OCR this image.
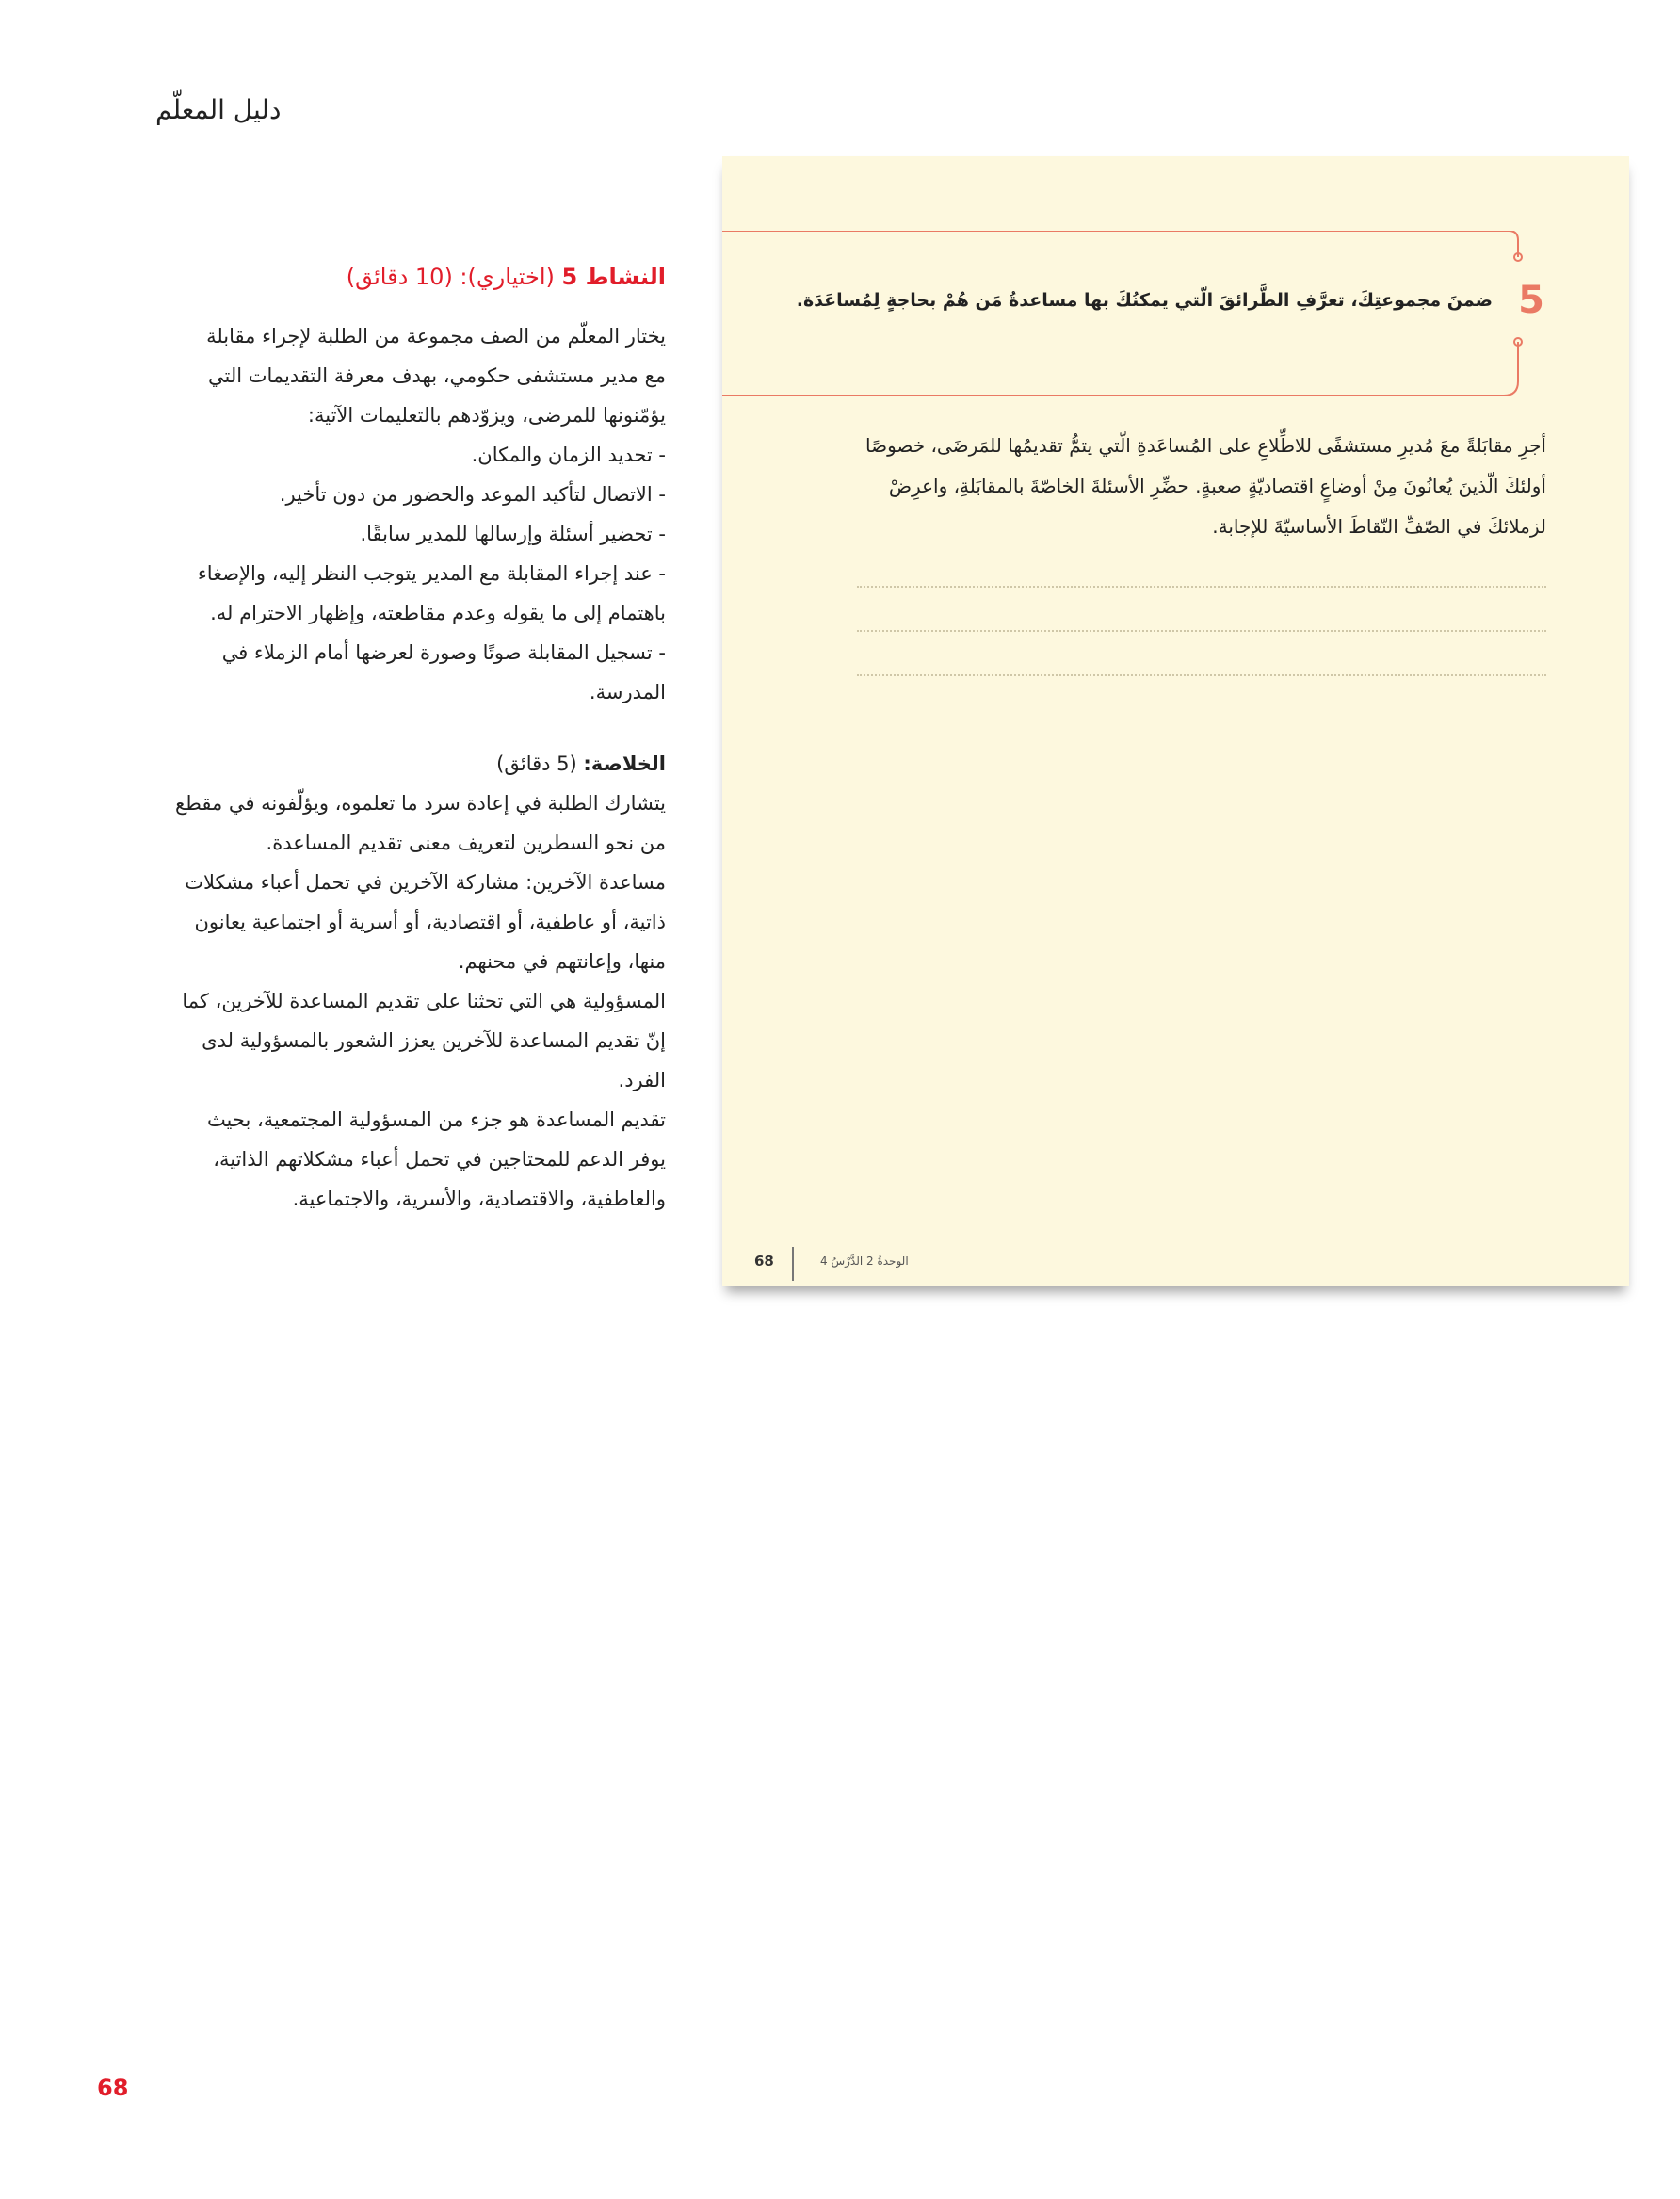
دليل المعلّم
5
ضمنَ مجموعتِكَ، تعرَّفِ الطَّرائقَ الّتي يمكنُكَ بها مساعدةُ مَن هُمْ بحاجةٍ لِمُساعَدَة.
أجرِ مقابَلةً معَ مُديرِ مستشفًى للاطِّلاعِ على المُساعَدةِ الّتي يتمُّ تقديمُها للمَرضَى، خصوصًا
أولئكَ الّذينَ يُعانُونَ مِنْ أوضاعٍ اقتصاديّةٍ صعبةٍ. حضِّرِ الأسئلةَ الخاصّةَ بالمقابَلةِ، واعرِضْ
لزملائكَ في الصّفِّ النّقاطَ الأساسيّةَ للإجابة.
68	الوحدةُ 2 الدَّرْسُ 4
النشاط 5 (اختياري): (10 دقائق)

يختار المعلّم من الصف مجموعة من الطلبة لإجراء مقابلة

مع مدير مستشفى حكومي، بهدف معرفة التقديمات التي

يؤمّنونها للمرضى، ويزوّدهم بالتعليمات الآتية:

- تحديد الزمان والمكان.

- الاتصال لتأكيد الموعد والحضور من دون تأخير.

- تحضير أسئلة وإرسالها للمدير سابقًا.

- عند إجراء المقابلة مع المدير يتوجب النظر إليه، والإصغاء

باهتمام إلى ما يقوله وعدم مقاطعته، وإظهار الاحترام له.

- تسجيل المقابلة صوتًا وصورة لعرضها أمام الزملاء في

المدرسة.

الخلاصة: (5 دقائق)

يتشارك الطلبة في إعادة سرد ما تعلموه، ويؤلّفونه في مقطع

من نحو السطرين لتعريف معنى تقديم المساعدة.

مساعدة الآخرين: مشاركة الآخرين في تحمل أعباء مشكلات

ذاتية، أو عاطفية، أو اقتصادية، أو أسرية أو اجتماعية يعانون

منها، وإعانتهم في محنهم.

المسؤولية هي التي تحثنا على تقديم المساعدة للآخرين، كما

إنّ تقديم المساعدة للآخرين يعزز الشعور بالمسؤولية لدى

الفرد.

تقديم المساعدة هو جزء من المسؤولية المجتمعية، بحيث

يوفر الدعم للمحتاجين في تحمل أعباء مشكلاتهم الذاتية،

والعاطفية، والاقتصادية، والأسرية، والاجتماعية.

68
